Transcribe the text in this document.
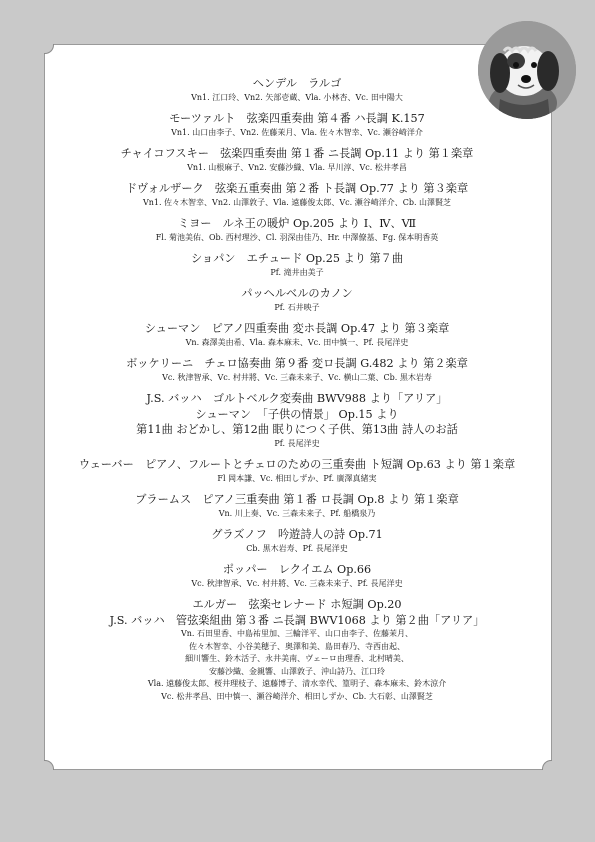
ヘンデル　ラルゴ
Vn1. 江口玲、Vn2. 矢部壱蔵、Vla. 小林杏、Vc. 田中陽大
モーツァルト　弦楽四重奏曲 第４番 ハ長調 K.157
Vn1. 山口由李子、Vn2. 佐藤茉月、Vla. 佐々木智幸、Vc. 瀬谷崎洋介
チャイコフスキー　弦楽四重奏曲 第１番 ニ長調 Op.11 より 第１楽章
Vn1. 山根麻子、Vn2. 安藤沙織、Vla. 早川淳、Vc. 松井孝昌
ドヴォルザーク　弦楽五重奏曲 第２番 ト長調 Op.77 より 第３楽章
Vn1. 佐々木智幸、Vn2. 山澤敦子、Vla. 遠藤俊太郎、Vc. 瀬谷崎洋介、Cb. 山澤賢芝
ミヨー　ルネ王の暖炉 Op.205 より Ⅰ、Ⅳ、Ⅶ
Fl. 菊池美佑、Ob. 西村理沙、Cl. 羽深由佳乃、Hr. 中澤僚基、Fg. 保本明香英
ショパン　エチュード Op.25 より 第７曲
Pf. 滝井由美子
パッヘルベルのカノン
Pf. 石井映子
シューマン　ピアノ四重奏曲 変ホ長調 Op.47 より 第３楽章
Vn. 森澤美由希、Vla. 森本麻未、Vc. 田中慎一、Pf. 長尾洋史
ボッケリーニ　チェロ協奏曲 第９番 変ロ長調 G.482 より 第２楽章
Vc. 秋津智承、Vc. 村井將、Vc. 三森未来子、Vc. 横山二葉、Cb. 黒木岩寿
J.S. バッハ　ゴルトベルク変奏曲 BWV988 より「アリア」
シューマン　「子供の情景」 Op.15 より
第11曲 おどかし、第12曲 眠りにつく子供、第13曲 詩人のお話
Pf. 長尾洋史
ウェーバー　ピアノ、フルートとチェロのための三重奏曲 ト短調 Op.63 より 第１楽章
Fl 岡本謙、Vc. 相田しずか、Pf. 廣澤真緒実
ブラームス　ピアノ三重奏曲 第１番 ロ長調 Op.8 より 第１楽章
Vn. 川上奏、Vc. 三森未来子、Pf. 船橋泉乃
グラズノフ　吟遊詩人の詩 Op.71
Cb. 黒木岩寿、Pf. 長尾洋史
ポッパー　レクイエム Op.66
Vc. 秋津智承、Vc. 村井將、Vc. 三森未来子、Pf. 長尾洋史
エルガー　弦楽セレナード ホ短調 Op.20
J.S. バッハ　管弦楽組曲 第３番 ニ長調 BWV1068 より 第２曲「アリア」
Vn. 石田里香、中島祐里加、三輪洋平、山口由李子、佐藤茉月、
佐々木智幸、小谷美穂子、奥澤和美、島田春乃、寺西由起、
細川響生、鈴木活子、永井美南、ヴェーロ由理香、北村晴美、
安藤沙織、金親響、山澤敦子、沖山詩乃、江口玲
Vla. 遠藤俊太郎、桜井理枝子、遠藤博子、清水幸代、篁明子、森本麻未、鈴木涼介
Vc. 松井孝昌、田中慎一、瀬谷崎洋介、相田しずか、Cb. 大石彰、山澤賢芝
